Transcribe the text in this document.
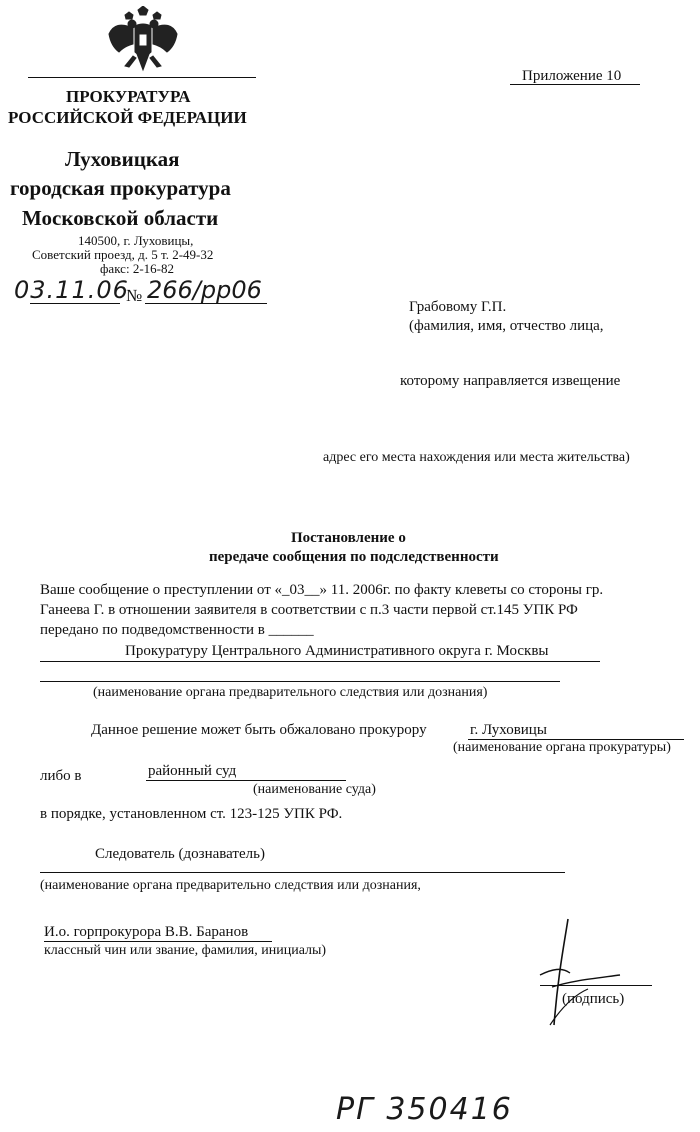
ПРОКУРАТУРА
РОССИЙСКОЙ ФЕДЕРАЦИИ
Луховицкая
городская прокуратура
Московской области
140500, г. Луховицы,
Советский проезд, д. 5 т. 2-49-32
факс: 2-16-82
03.11.06
№ 266/pp06
Приложение 10
Грабовому Г.П.
(фамилия, имя, отчество лица,
которому направляется извещение
адрес его места нахождения или места жительства)
Постановление о
передаче сообщения по подследственности
Ваше сообщение о преступлении от «_03__» 11. 2006г. по факту клеветы со стороны гр.
Ганеева Г. в отношении заявителя в соответствии с п.3 части первой ст.145 УПК РФ
передано по подведомственности в ______
Прокуратуру Центрального Административного округа г. Москвы
(наименование органа предварительного следствия или дознания)
Данное решение может быть обжаловано прокурору	г. Луховицы
(наименование органа прокуратуры)
либо в	районный суд
(наименование суда)
в порядке, установленном ст. 123-125 УПК РФ.
Следователь (дознаватель)
(наименование органа предварительно следствия или дознания,
И.о. горпрокурора В.В. Баранов
классный чин или звание, фамилия, инициалы)
(подпись)
РГ 350416
